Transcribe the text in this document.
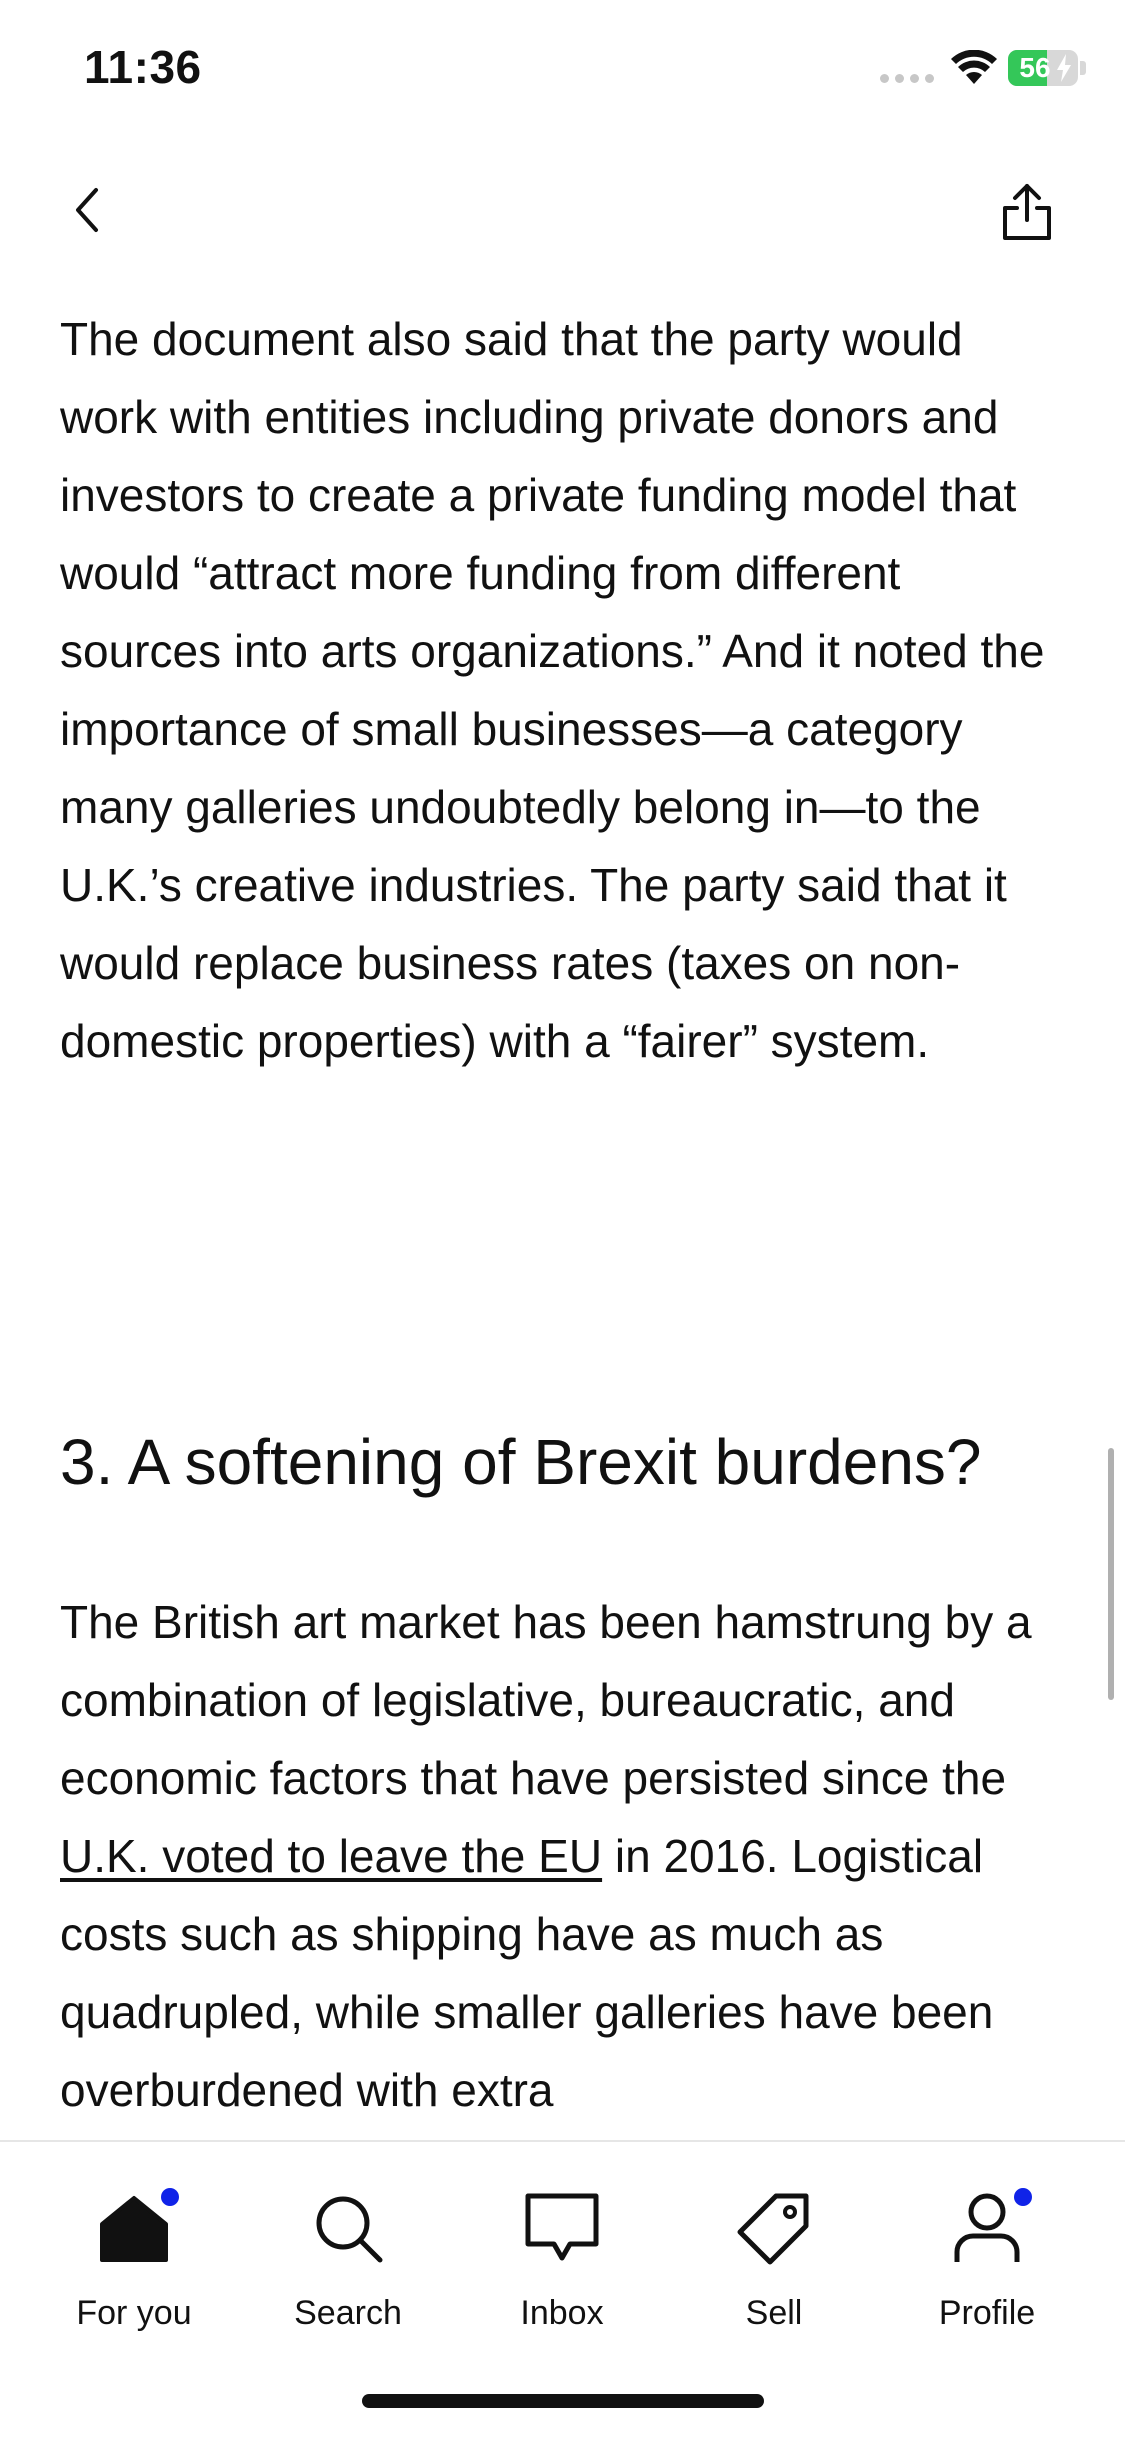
11:36	56

The document also said that the party would work with entities including private donors and investors to create a private funding model that would “attract more funding from different sources into arts organizations.” And it noted the importance of small businesses—a category many galleries undoubtedly belong in—to the U.K.’s creative industries. The party said that it would replace business rates (taxes on non-domestic properties) with a “fairer” system.

3. A softening of Brexit burdens?

The British art market has been hamstrung by a combination of legislative, bureaucratic, and economic factors that have persisted since the U.K. voted to leave the EU in 2016. Logistical costs such as shipping have as much as quadrupled, while smaller galleries have been overburdened with extra

For you	Search	Inbox	Sell	Profile
